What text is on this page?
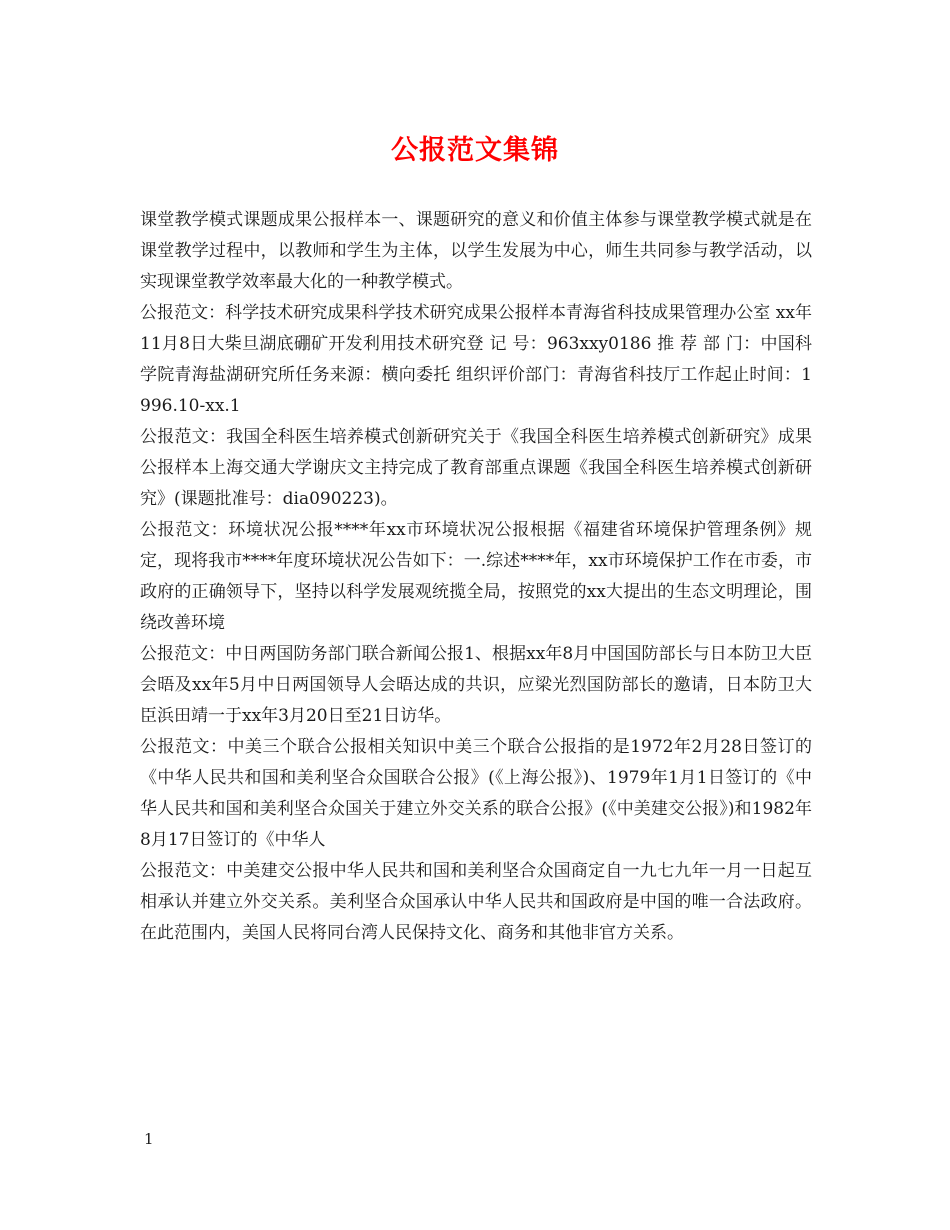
公报范文集锦

课堂教学模式课题成果公报样本一、课题研究的意义和价值主体参与课堂教学模式就是在课堂教学过程中，以教师和学生为主体，以学生发展为中心，师生共同参与教学活动，以实现课堂教学效率最大化的一种教学模式。

公报范文：科学技术研究成果科学技术研究成果公报样本青海省科技成果管理办公室 xx年 11月8日大柴旦湖底硼矿开发利用技术研究登 记 号：963xxy0186 推 荐 部 门：中国科学院青海盐湖研究所任务来源：横向委托 组织评价部门：青海省科技厅工作起止时间：1996.10-xx.1

公报范文：我国全科医生培养模式创新研究关于《我国全科医生培养模式创新研究》成果公报样本上海交通大学谢庆文主持完成了教育部重点课题《我国全科医生培养模式创新研究》(课题批准号：dia090223)。

公报范文：环境状况公报****年xx市环境状况公报根据《福建省环境保护管理条例》规定，现将我市****年度环境状况公告如下：一.综述****年，xx市环境保护工作在市委，市政府的正确领导下，坚持以科学发展观统揽全局，按照党的xx大提出的生态文明理论，围绕改善环境

公报范文：中日两国防务部门联合新闻公报1、根据xx年8月中国国防部长与日本防卫大臣会晤及xx年5月中日两国领导人会晤达成的共识，应梁光烈国防部长的邀请，日本防卫大臣浜田靖一于xx年3月20日至21日访华。

公报范文：中美三个联合公报相关知识中美三个联合公报指的是1972年2月28日签订的《中华人民共和国和美利坚合众国联合公报》(《上海公报》)、1979年1月1日签订的《中华人民共和国和美利坚合众国关于建立外交关系的联合公报》(《中美建交公报》)和1982年8月17日签订的《中华人

公报范文：中美建交公报中华人民共和国和美利坚合众国商定自一九七九年一月一日起互相承认并建立外交关系。美利坚合众国承认中华人民共和国政府是中国的唯一合法政府。在此范围内，美国人民将同台湾人民保持文化、商务和其他非官方关系。

1
